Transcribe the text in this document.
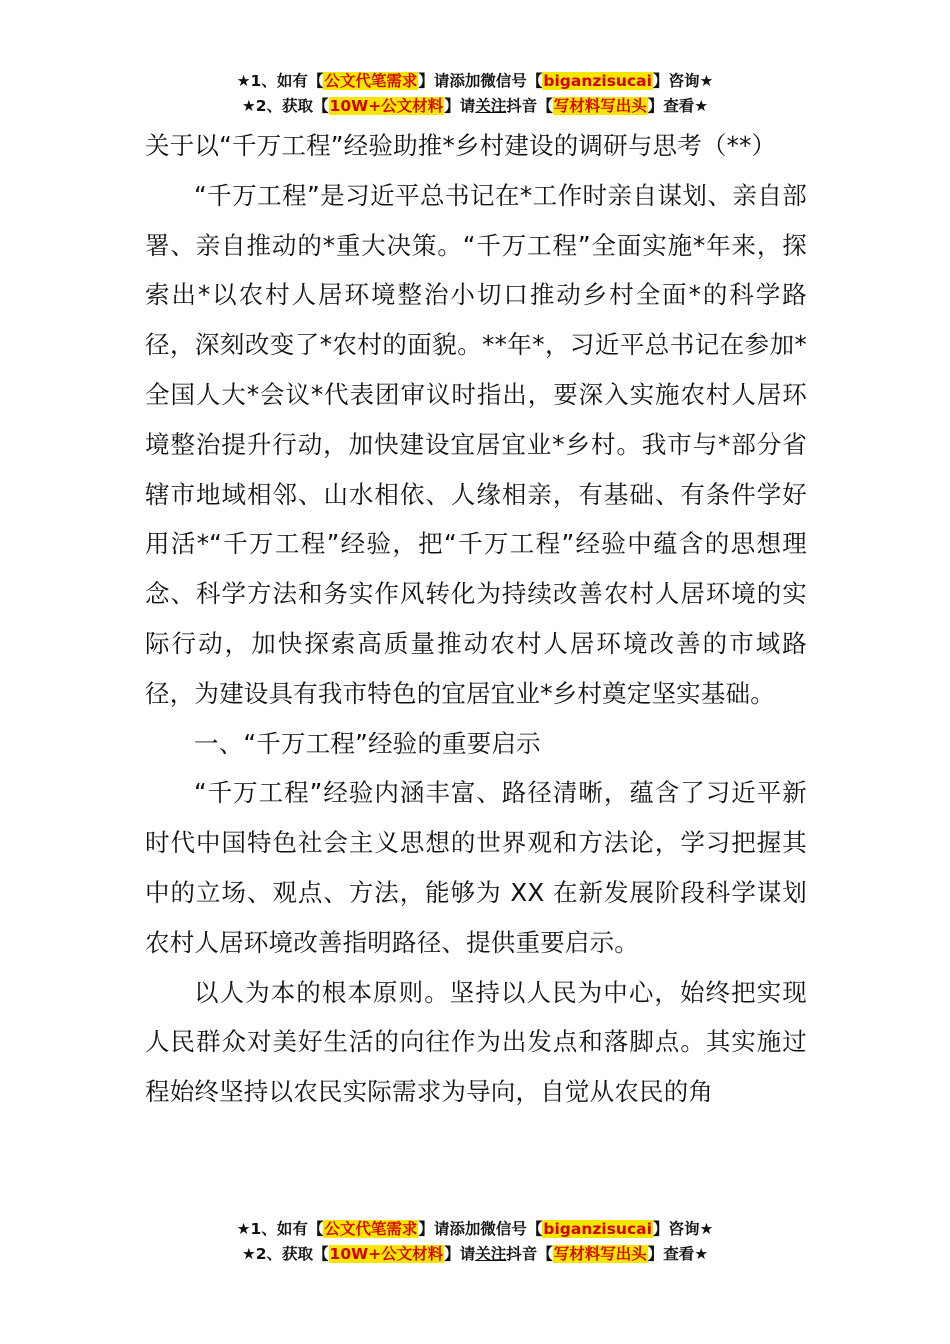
★1、如有【公文代笔需求】请添加微信号【biganzisucai】咨询★
★2、获取【10W+公文材料】请关注抖音【写材料写出头】查看★

关于以“千万工程”经验助推*乡村建设的调研与思考（**）

“千万工程”是习近平总书记在*工作时亲自谋划、亲自部署、亲自推动的*重大决策。“千万工程”全面实施*年来，探索出*以农村人居环境整治小切口推动乡村全面*的科学路径，深刻改变了*农村的面貌。**年*，习近平总书记在参加*全国人大*会议*代表团审议时指出，要深入实施农村人居环境整治提升行动，加快建设宜居宜业*乡村。我市与*部分省辖市地域相邻、山水相依、人缘相亲，有基础、有条件学好用活*“千万工程”经验，把“千万工程”经验中蕴含的思想理念、科学方法和务实作风转化为持续改善农村人居环境的实际行动，加快探索高质量推动农村人居环境改善的市域路径，为建设具有我市特色的宜居宜业*乡村奠定坚实基础。

一、“千万工程”经验的重要启示

“千万工程”经验内涵丰富、路径清晰，蕴含了习近平新时代中国特色社会主义思想的世界观和方法论，学习把握其中的立场、观点、方法，能够为 XX 在新发展阶段科学谋划农村人居环境改善指明路径、提供重要启示。

以人为本的根本原则。坚持以人民为中心，始终把实现人民群众对美好生活的向往作为出发点和落脚点。其实施过程始终坚持以农民实际需求为导向，自觉从农民的角

★1、如有【公文代笔需求】请添加微信号【biganzisucai】咨询★
★2、获取【10W+公文材料】请关注抖音【写材料写出头】查看★
